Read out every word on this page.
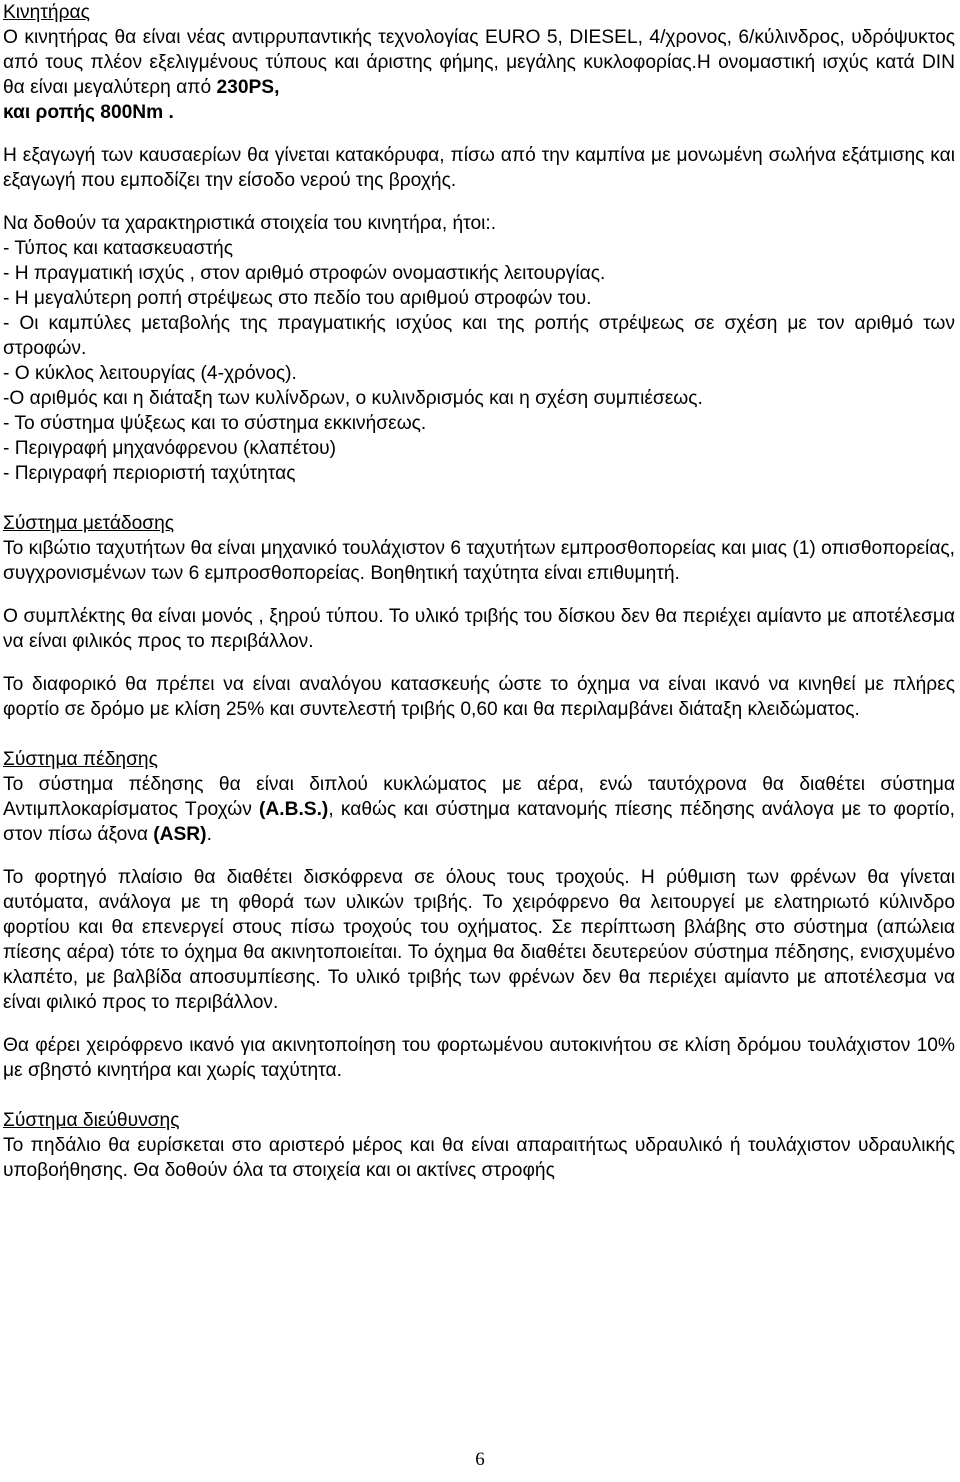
Κινητήρας

Ο κινητήρας θα είναι νέας αντιρρυπαντικής τεχνολογίας EURO 5, DIESEL, 4/χρονος, 6/κύλινδρος, υδρόψυκτος από τους πλέον εξελιγμένους τύπους και άριστης φήμης, μεγάλης κυκλοφορίας.Η ονομαστική ισχύς κατά DIN θα είναι μεγαλύτερη από 230PS,
και ροπής 800Nm .

Η εξαγωγή των καυσαερίων θα γίνεται κατακόρυφα, πίσω από την καμπίνα με μονωμένη σωλήνα εξάτμισης και εξαγωγή που εμποδίζει την είσοδο νερού της βροχής.

Να δοθούν τα χαρακτηριστικά στοιχεία του κινητήρα, ήτοι:.

- Τύπος και κατασκευαστής
- Η πραγματική ισχύς , στον αριθμό στροφών ονομαστικής λειτουργίας.
- Η μεγαλύτερη ροπή στρέψεως στο πεδίο του αριθμού στροφών του.
- Οι καμπύλες μεταβολής της πραγματικής ισχύος και της ροπής στρέψεως σε σχέση με τον αριθμό των στροφών.
- Ο κύκλος λειτουργίας (4-χρόνος).
-Ο αριθμός και η διάταξη των κυλίνδρων, ο κυλινδρισμός και η σχέση συμπιέσεως.
- Το σύστημα ψύξεως και το σύστημα εκκινήσεως.
- Περιγραφή μηχανόφρενου (κλαπέτου)
- Περιγραφή περιοριστή ταχύτητας

Σύστημα μετάδοσης

Το κιβώτιο ταχυτήτων θα είναι μηχανικό τουλάχιστον 6 ταχυτήτων εμπροσθοπορείας και μιας (1) οπισθοπορείας, συγχρονισμένων των 6 εμπροσθοπορείας. Βοηθητική ταχύτητα είναι επιθυμητή.

Ο συμπλέκτης θα είναι μονός , ξηρού τύπου. Το υλικό τριβής του δίσκου δεν θα περιέχει αμίαντο με αποτέλεσμα να είναι φιλικός προς το περιβάλλον.

Το διαφορικό θα πρέπει να είναι αναλόγου κατασκευής ώστε το όχημα να είναι ικανό να κινηθεί με πλήρες φορτίο σε δρόμο με κλίση 25% και συντελεστή τριβής 0,60 και θα περιλαμβάνει διάταξη κλειδώματος.

Σύστημα πέδησης

Το σύστημα πέδησης θα είναι διπλού κυκλώματος με αέρα, ενώ ταυτόχρονα θα διαθέτει σύστημα Αντιμπλοκαρίσματος Τροχών (A.B.S.), καθώς και σύστημα κατανομής πίεσης πέδησης ανάλογα με το φορτίο, στον πίσω άξονα (ASR).

Το φορτηγό πλαίσιο θα διαθέτει δισκόφρενα σε όλους τους τροχούς. Η ρύθμιση των φρένων θα γίνεται αυτόματα, ανάλογα με τη φθορά των υλικών τριβής. Το χειρόφρενο θα λειτουργεί με ελατηριωτό κύλινδρο φορτίου και θα επενεργεί στους πίσω τροχούς του οχήματος. Σε περίπτωση βλάβης στο σύστημα (απώλεια πίεσης αέρα) τότε το όχημα θα ακινητοποιείται. Το όχημα θα διαθέτει δευτερεύον σύστημα πέδησης, ενισχυμένο κλαπέτο, με βαλβίδα αποσυμπίεσης. Το υλικό τριβής των φρένων δεν θα περιέχει αμίαντο με αποτέλεσμα να είναι φιλικό προς το περιβάλλον.

Θα φέρει χειρόφρενο ικανό για ακινητοποίηση του φορτωμένου αυτοκινήτου σε κλίση δρόμου τουλάχιστον 10% με σβηστό κινητήρα και χωρίς ταχύτητα.

Σύστημα διεύθυνσης

Το πηδάλιο θα ευρίσκεται στο αριστερό μέρος και θα είναι απαραιτήτως υδραυλικό ή τουλάχιστον υδραυλικής υποβοήθησης. Θα δοθούν όλα τα στοιχεία και οι ακτίνες στροφής

6
